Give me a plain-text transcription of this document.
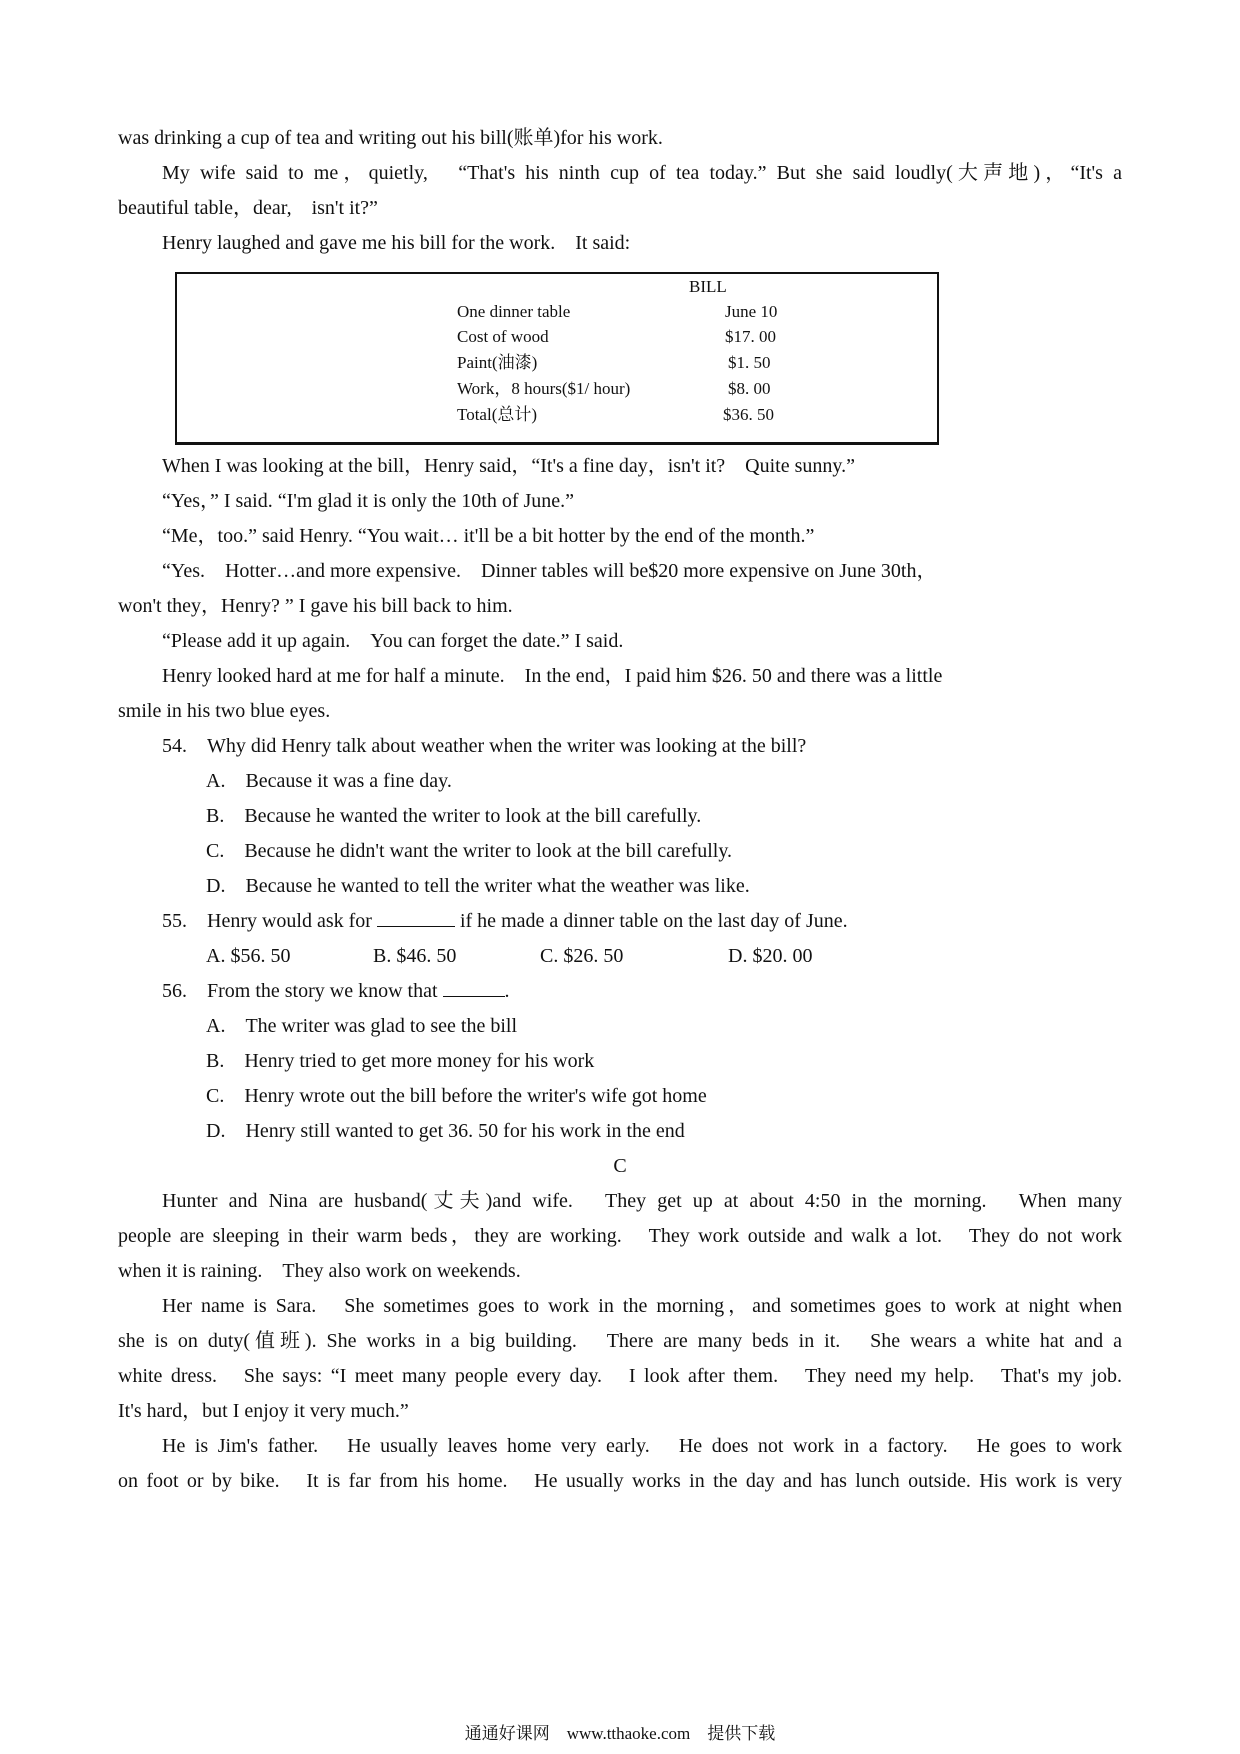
was drinking a cup of tea and writing out his bill(账单)for his work.
My wife said to me，quietly,　“That's his ninth cup of tea today.” But she said loudly(大声地)，“It's a
beautiful table，dear,　isn't it?”
Henry laughed and gave me his bill for the work.　It said:
BILL
One dinner table	June 10
Cost of wood	$17. 00
Paint(油漆)	$1. 50
Work，8 hours($1/ hour)	$8. 00
Total(总计)	$36. 50
When I was looking at the bill，Henry said，“It's a fine day，isn't it?　Quite sunny.”
“Yes，” I said. “I'm glad it is only the 10th of June.”
“Me，too.” said Henry. “You wait… it'll be a bit hotter by the end of the month.”
“Yes.　Hotter…and more expensive.　Dinner tables will be$20 more expensive on June 30th，
won't they，Henry? ” I gave his bill back to him.
“Please add it up again.　You can forget the date.” I said.
Henry looked hard at me for half a minute.　In the end，I paid him $26. 50 and there was a little
smile in his two blue eyes.
54.　Why did Henry talk about weather when the writer was looking at the bill?
A.　Because it was a fine day.
B.　Because he wanted the writer to look at the bill carefully.
C.　Because he didn't want the writer to look at the bill carefully.
D.　Because he wanted to tell the writer what the weather was like.
55.　Henry would ask for	if he made a dinner table on the last day of June.
A. $56. 50	B. $46. 50	C. $26. 50	D. $20. 00
56.　From the story we know that	.
A.　The writer was glad to see the bill
B.　Henry tried to get more money for his work
C.　Henry wrote out the bill before the writer's wife got home
D.　Henry still wanted to get 36. 50 for his work in the end
C
Hunter and Nina are husband(丈夫)and wife.　They get up at about 4:50 in the morning.　When many
people are sleeping in their warm beds，they are working.　They work outside and walk a lot.　They do not work
when it is raining.　They also work on weekends.
Her name is Sara.　She sometimes goes to work in the morning，and sometimes goes to work at night when
she is on duty(值班). She works in a big building.　There are many beds in it.　She wears a white hat and a
white dress.　She says: “I meet many people every day.　I look after them.　They need my help.　That's my job.
It's hard，but I enjoy it very much.”
He is Jim's father.　He usually leaves home very early.　He does not work in a factory.　He goes to work
on foot or by bike.　It is far from his home.　He usually works in the day and has lunch outside. His work is very
通通好课网　www.tthaoke.com　提供下载
